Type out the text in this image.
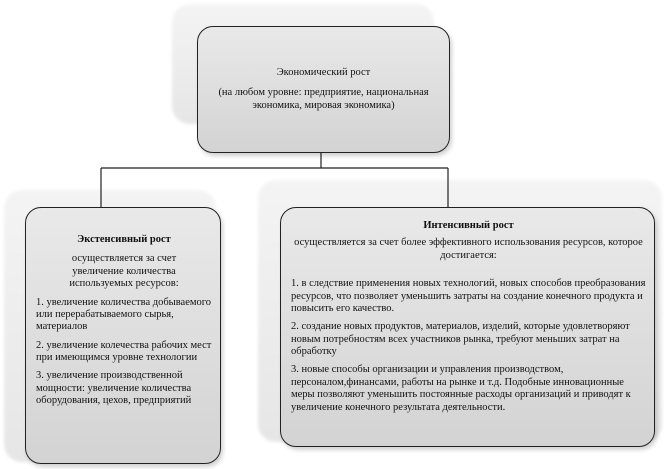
Экономический рост

(на любом уровне: предприятие, национальная экономика, мировая экономика)

Экстенсивный рост

осуществляется за счет увеличение количества используемых ресурсов:

1. увеличение количества добываемого или перерабатываемого сырья, материалов

2. увеличение колечества рабочих мест при имеющимся уровне технологии

3. увеличение производственной мощности: увеличение количества оборудования, цехов, предприятий

Интенсивный рост

осуществляется за счет более эффективного использования ресурсов, которое достигается:

1. в следствие применения новых технологий, новых способов преобразования ресурсов, что позволяет уменьшить затраты на создание конечного продукта и повысить его качество.

2. создание новых продуктов, материалов, изделий, которые удовлетворяют новым потребностям всех участников рынка, требуют меньших затрат на обработку

3. новые способы организации и управления производством, персоналом,финансами, работы на рынке и т.д. Подобные инновационные меры позволяют уменьшить постоянные расходы организаций и приводят к увеличение конечного результата деятельности.
